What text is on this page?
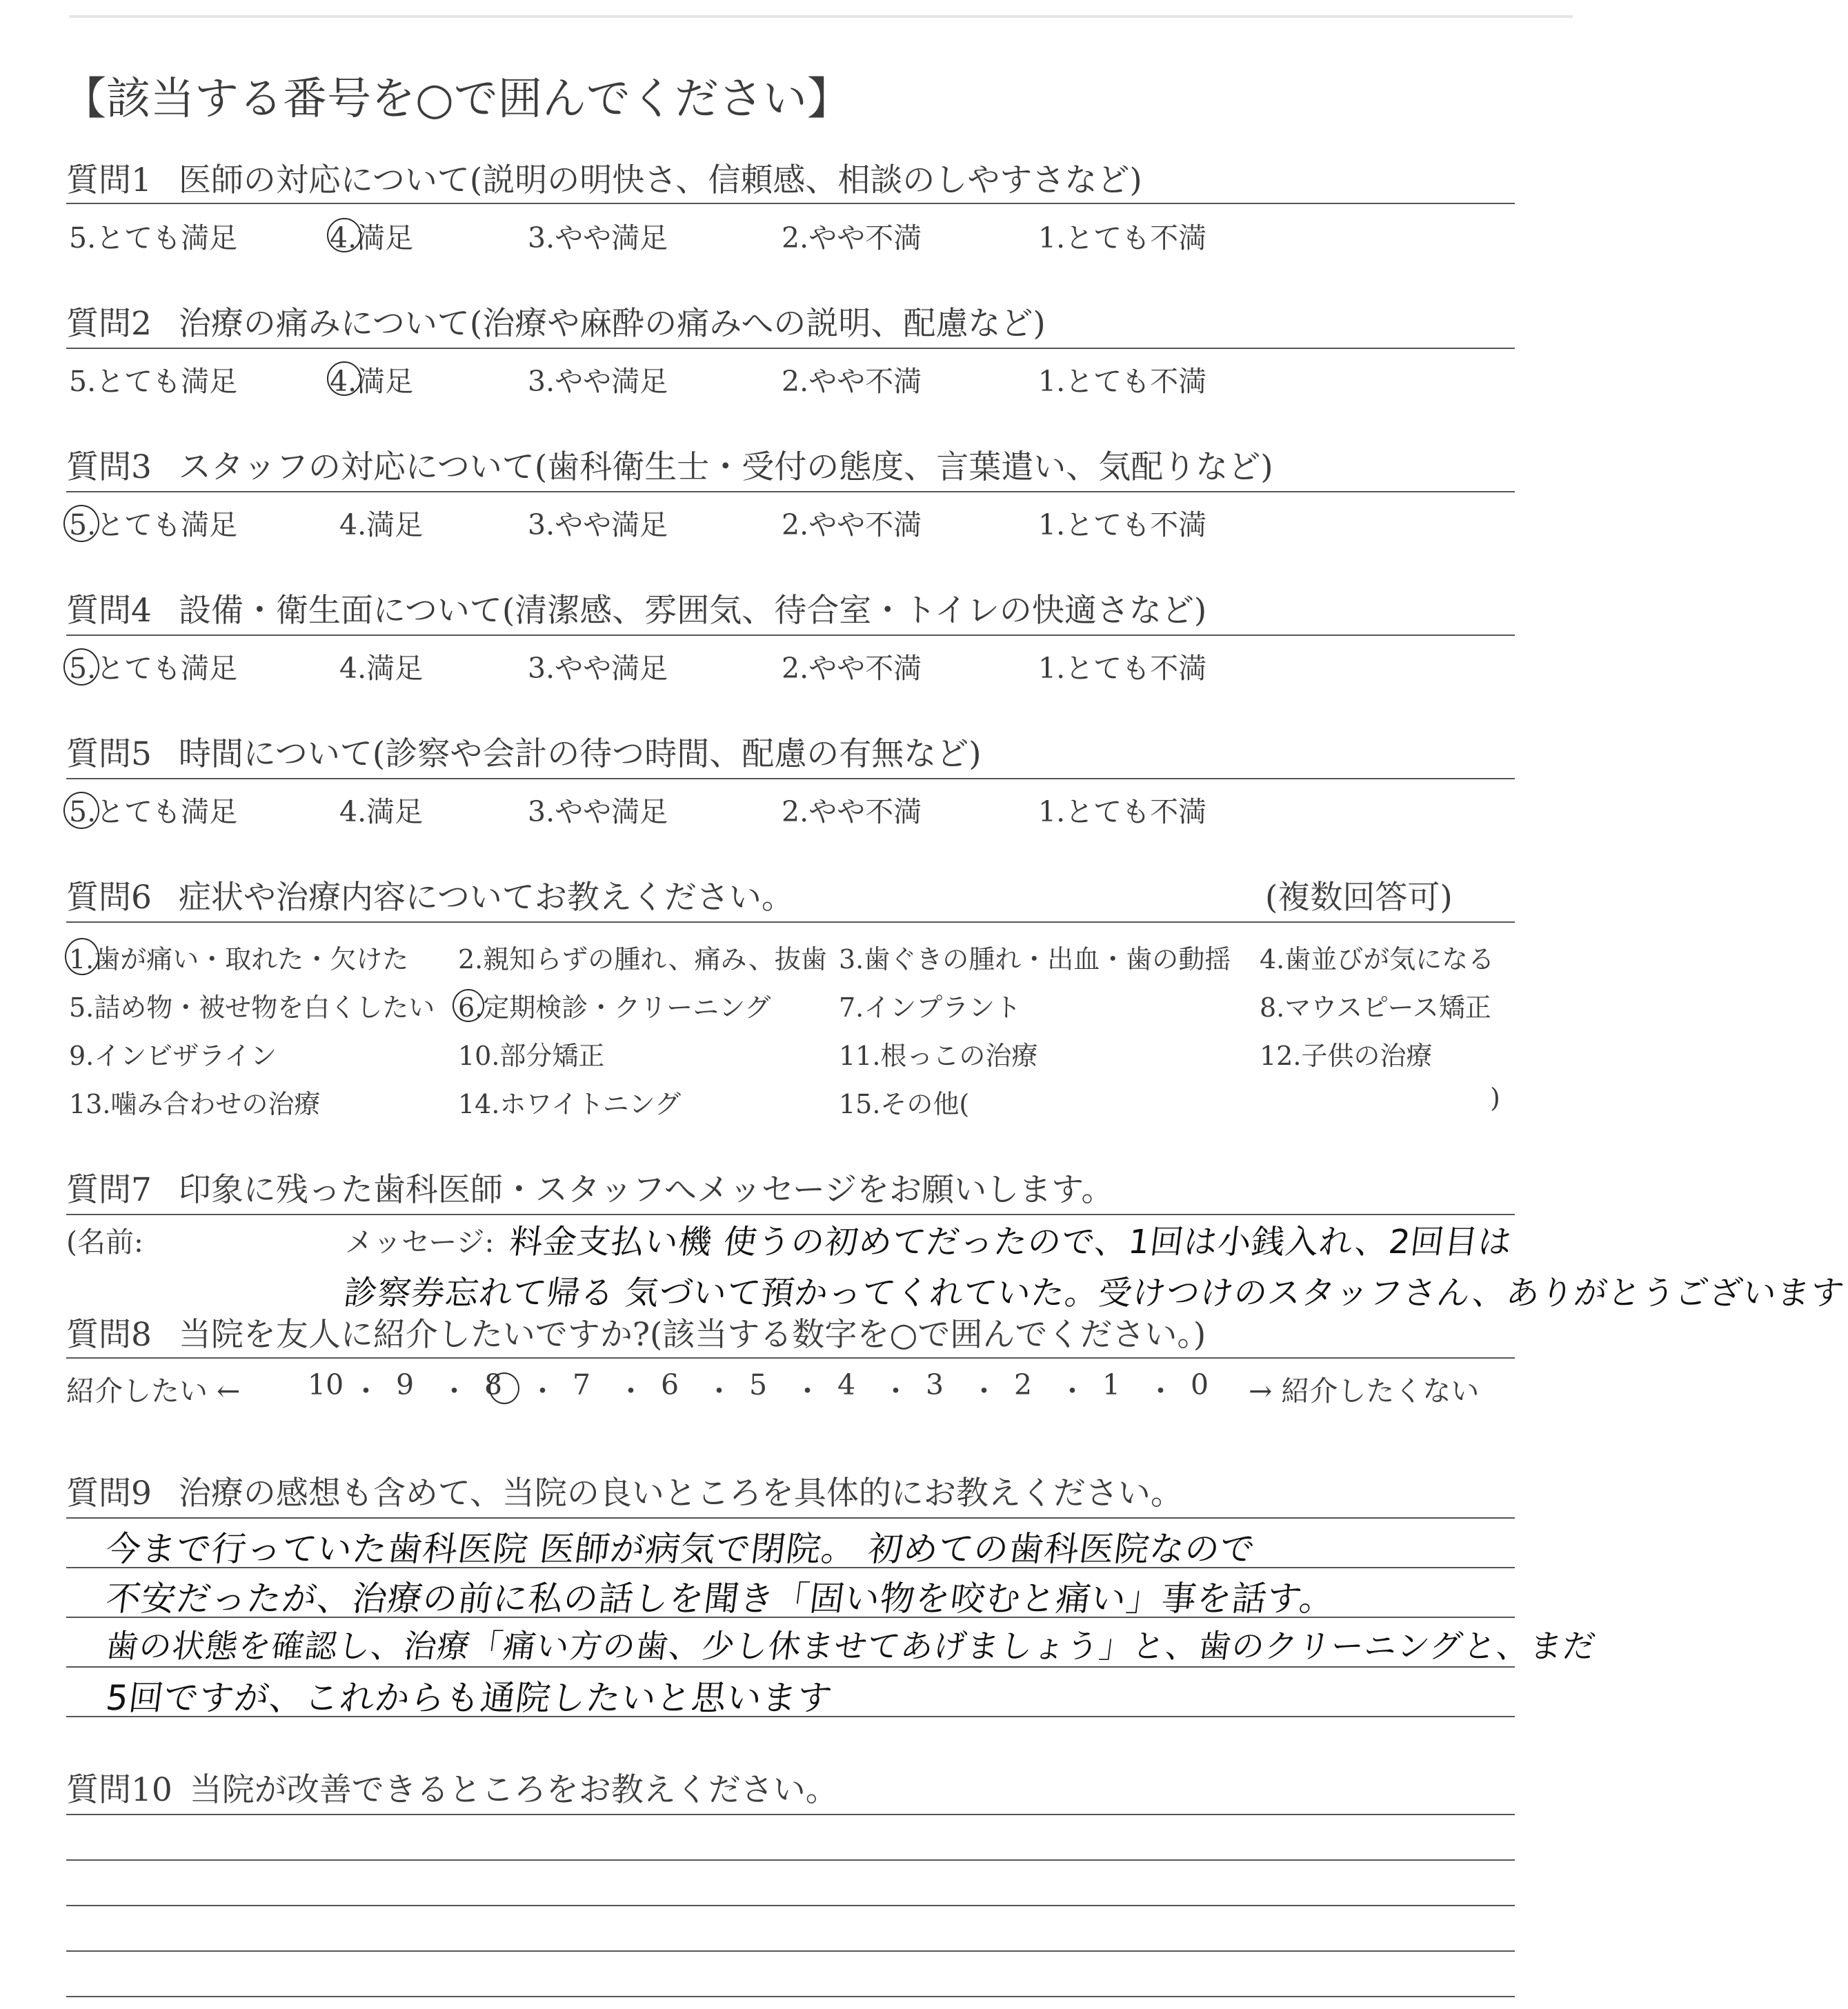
【該当する番号を○で囲んでください】
質問1 医師の対応について(説明の明快さ、信頼感、相談のしやすさなど)
5.とても満足	4.満足	3.やや満足	2.やや不満	1.とても不満
質問2 治療の痛みについて(治療や麻酔の痛みへの説明、配慮など)
5.とても満足	4.満足	3.やや満足	2.やや不満	1.とても不満
質問3 スタッフの対応について(歯科衛生士・受付の態度、言葉遣い、気配りなど)
5.とても満足	4.満足	3.やや満足	2.やや不満	1.とても不満
質問4 設備・衛生面について(清潔感、雰囲気、待合室・トイレの快適さなど)
5.とても満足	4.満足	3.やや満足	2.やや不満	1.とても不満
質問5 時間について(診察や会計の待つ時間、配慮の有無など)
5.とても満足	4.満足	3.やや満足	2.やや不満	1.とても不満
質問6 症状や治療内容についてお教えください。	(複数回答可)
1.歯が痛い・取れた・欠けた 2.親知らずの腫れ、痛み、抜歯 3.歯ぐきの腫れ・出血・歯の動揺 4.歯並びが気になる
5.詰め物・被せ物を白くしたい 6.定期検診・クリーニング	7.インプラント	8.マウスピース矯正
9.インビザライン	10.部分矯正	11.根っこの治療	12.子供の治療
13.噛み合わせの治療	14.ホワイトニング	15.その他(	)
質問7 印象に残った歯科医師・スタッフへメッセージをお願いします。
(名前:	メッセージ: 料金支払い機 使うの初めてだったので、1回は小銭入れ、2回目は
診察券忘れて帰る 気づいて預かってくれていた。受けつけのスタッフさん、ありがとうございます
質問8 当院を友人に紹介したいですか?(該当する数字を○で囲んでください。)
紹介したい ←	→ 紹介したくない
10 ・ 9 ・ 8 ・ 7 ・ 6 ・ 5 ・ 4 ・ 3 ・ 2 ・ 1 ・ 0
質問9 治療の感想も含めて、当院の良いところを具体的にお教えください。
今まで行っていた歯科医院 医師が病気で閉院。 初めての歯科医院なので
不安だったが、治療の前に私の話しを聞き「固い物を咬むと痛い」事を話す。
歯の状態を確認し、治療「痛い方の歯、少し休ませてあげましょう」と、歯のクリーニングと、まだ
5回ですが、これからも通院したいと思います
質問10 当院が改善できるところをお教えください。
